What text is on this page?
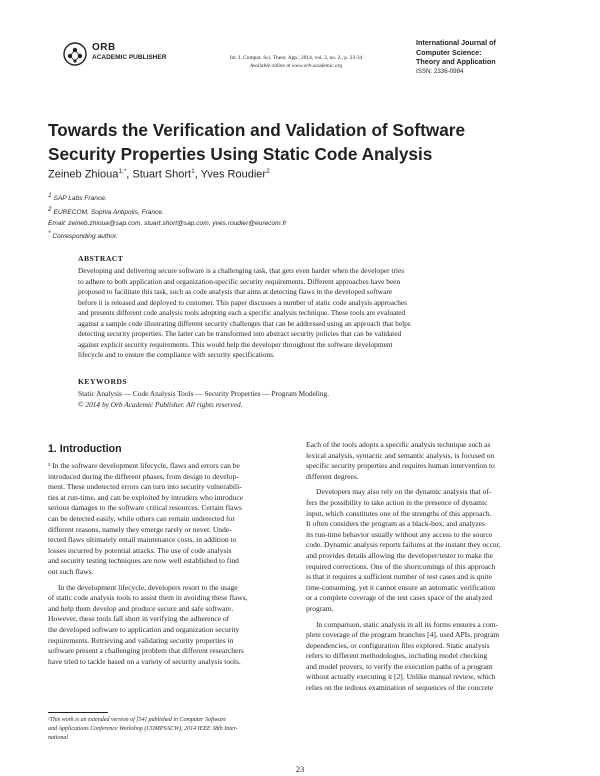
ORB
ACADEMIC PUBLISHER	Int. J. Comput. Sci. Theor. App., 2014, vol. 2, no. 2., p. 23-34
Available online at www.orb-academic.org
International Journal of
Computer Science:
Theory and Application
ISSN: 2336-0984
Towards the Verification and Validation of Software
Security Properties Using Static Code Analysis
Zeineb Zhioua$^{1,*}$, Stuart Short$^1$, Yves Roudier$^2$
$^1$ SAP Labs France.
$^2$ EURECOM, Sophia Antipolis, France.
Email: zeineb.zhioua@sap.com, stuart.short@sap.com, yves.roudier@eurecom.fr
* Corresponding author.
ABSTRACT
Developing and delivering secure software is a challenging task, that gets even harder when the developer tries
to adhere to both application and organization-specific security requirements. Different approaches have been
proposed to facilitate this task, such as code analysis that aims at detecting flaws in the developed software
before it is released and deployed to customer. This paper discusses a number of static code analysis approaches
and presents different code analysis tools adopting each a specific analysis technique. These tools are evaluated
against a sample code illustrating different security challenges that can be addressed using an approach that helps
detecting security properties. The latter can be transformed into abstract security policies that can be validated
against explicit security requirements. This would help the developer throughout the software development
lifecycle and to ensure the compliance with security specifications.
KEYWORDS
Static Analysis — Code Analysis Tools — Security Properties — Program Modeling.
© 2014 by Orb Academic Publisher. All rights reserved.
1. Introduction
¹ In the software development lifecycle, flaws and errors can be
introduced during the different phases, from design to develop-
ment. These undetected errors can turn into security vulnerabili-
ties at run-time, and can be exploited by intruders who introduce
serious damages to the software critical resources. Certain flaws
can be detected easily, while others can remain undetected for
different reasons, namely they emerge rarely or never. Unde-
tected flaws ultimately entail maintenance costs, in addition to
losses incurred by potential attacks. The use of code analysis
and security testing techniques are now well established to find
out such flaws.
In the development lifecycle, developers resort to the usage
of static code analysis tools to assist them in avoiding these flaws,
and help them develop and produce secure and safe software.
However, these tools fall short in verifying the adherence of
the developed software to application and organization security
requirements. Retrieving and validating security properties in
software present a challenging problem that different researchers
have tried to tackle based on a variety of security analysis tools.
¹This work is an extended version of [54] published in Computer Software
and Applications Conference Workshop (COMPSACW), 2014 IEEE 38th Inter-
national
Each of the tools adopts a specific analysis technique such as
lexical analysis, syntactic and semantic analysis, is focused on
specific security properties and requires human intervention to
different degrees.
Developers may also rely on the dynamic analysis that of-
fers the possibility to take action in the presence of dynamic
input, which constitutes one of the strengths of this approach.
It often considers the program as a black-box, and analyzes
its run-time behavior usually without any access to the source
code. Dynamic analysis reports failures at the instant they occur,
and provides details allowing the developer/tester to make the
required corrections. One of the shortcomings of this approach
is that it requires a sufficient number of test cases and is quite
time-consuming, yet it cannot ensure an automatic verification
or a complete coverage of the test cases space of the analyzed
program.
In comparison, static analysis in all its forms ensures a com-
plete coverage of the program branches [4], used APIs, program
dependencies, or configuration files explored. Static analysis
refers to different methodologies, including model checking
and model provers, to verify the execution paths of a program
without actually executing it [2]. Unlike manual review, which
relies on the tedious examination of sequences of the concrete
23
